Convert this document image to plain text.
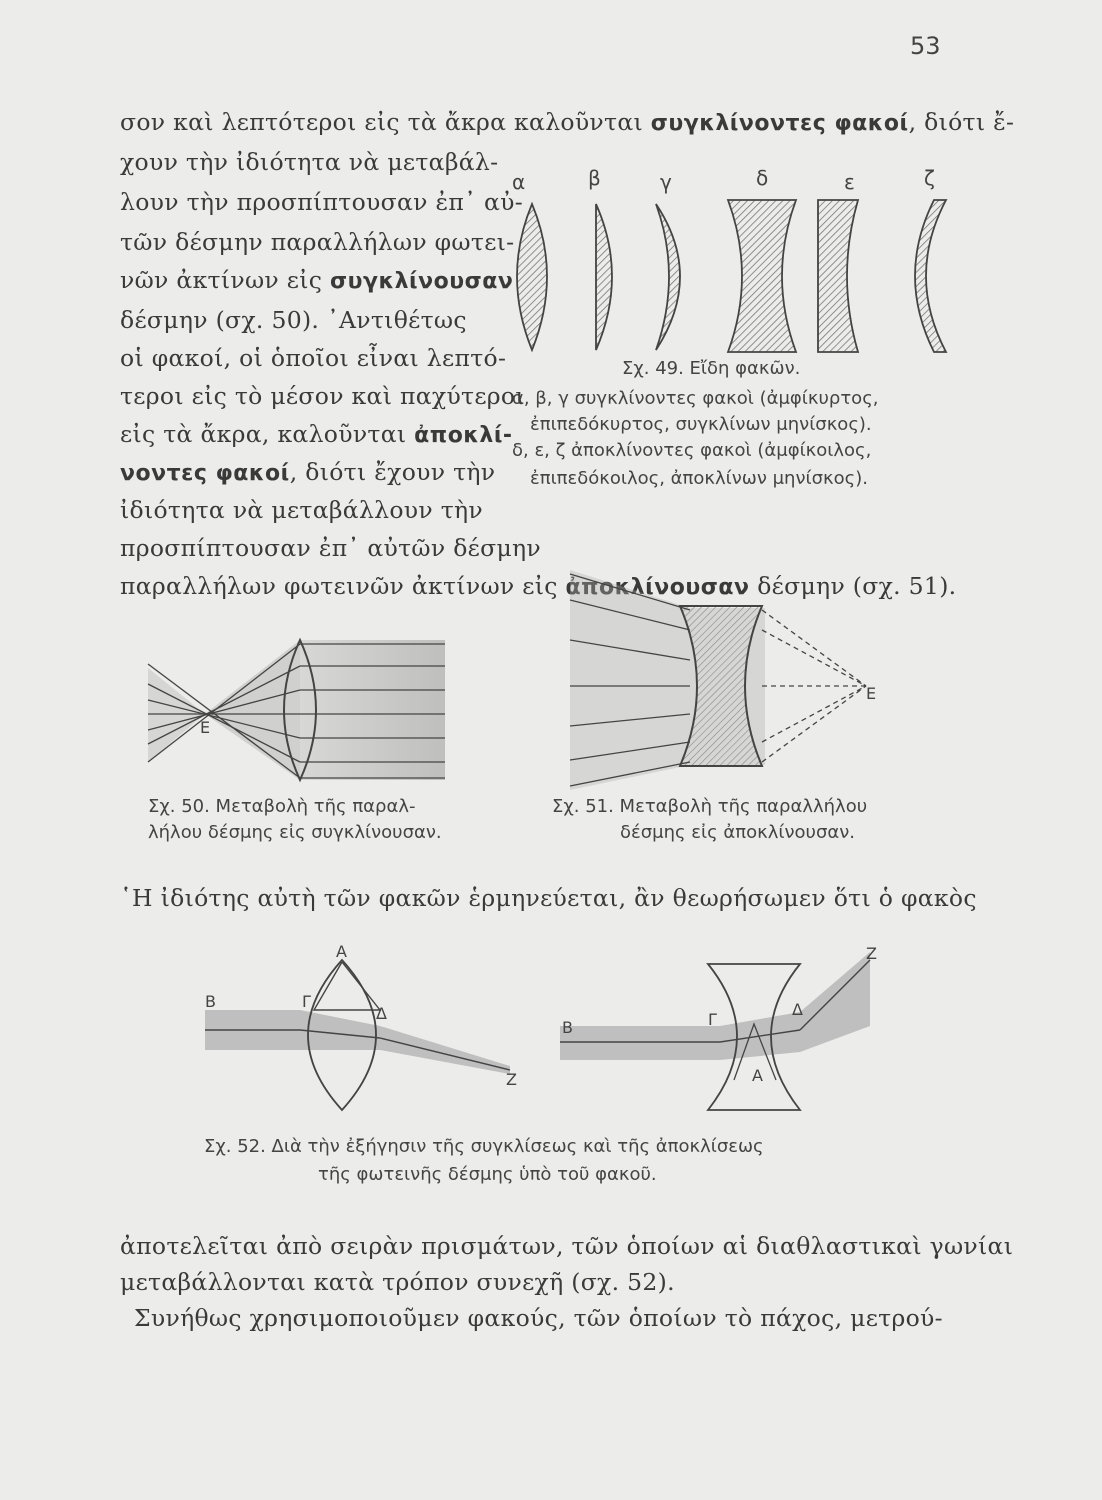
53
σον καὶ λεπτότεροι εἰς τὰ ἄκρα καλοῦνται συγκλίνοντες φακοί, διότι ἔ-
χουν τὴν ἰδιότητα νὰ μεταβάλ-
λουν τὴν προσπίπτουσαν ἐπ᾽ αὐ-
τῶν δέσμην παραλλήλων φωτει-
νῶν ἀκτίνων εἰς συγκλίνουσαν
δέσμην (σχ. 50). ᾽Αντιθέτως
οἱ φακοί, οἱ ὁποῖοι εἶναι λεπτό-
τεροι εἰς τὸ μέσον καὶ παχύτεροι
εἰς τὰ ἄκρα, καλοῦνται ἀποκλί-
νοντες φακοί, διότι ἔχουν τὴν
ἰδιότητα νὰ μεταβάλλουν τὴν
προσπίπτουσαν ἐπ᾽ αὐτῶν δέσμην
παραλλήλων φωτεινῶν ἀκτίνων εἰς ἀποκλίνουσαν δέσμην (σχ. 51).
α	β	γ	δ	ε	ζ
Σχ. 49. Εἴδη φακῶν.
α, β, γ συγκλίνοντες φακοὶ (ἀμφίκυρτος,
ἐπιπεδόκυρτος, συγκλίνων μηνίσκος).
δ, ε, ζ ἀποκλίνοντες φακοὶ (ἀμφίκοιλος,
ἐπιπεδόκοιλος, ἀποκλίνων μηνίσκος).
E
Σχ. 50. Μεταβολὴ τῆς παραλ-
λήλου δέσμης εἰς συγκλίνουσαν.
E
Σχ. 51. Μεταβολὴ τῆς παραλλήλου
δέσμης εἰς ἀποκλίνουσαν.
῾Η ἰδιότης αὐτὴ τῶν φακῶν ἑρμηνεύεται, ἂν θεωρήσωμεν ὅτι ὁ φακὸς
A
B	Γ
Δ
Z	A
B	Γ
Δ
Z
Σχ. 52. Διὰ τὴν ἐξήγησιν τῆς συγκλίσεως καὶ τῆς ἀποκλίσεως
τῆς φωτεινῆς δέσμης ὑπὸ τοῦ φακοῦ.
ἀποτελεῖται ἀπὸ σειρὰν πρισμάτων, τῶν ὁποίων αἱ διαθλαστικαὶ γωνίαι
μεταβάλλονται κατὰ τρόπον συνεχῆ (σχ. 52).
Συνήθως χρησιμοποιοῦμεν φακούς, τῶν ὁποίων τὸ πάχος, μετρού-
